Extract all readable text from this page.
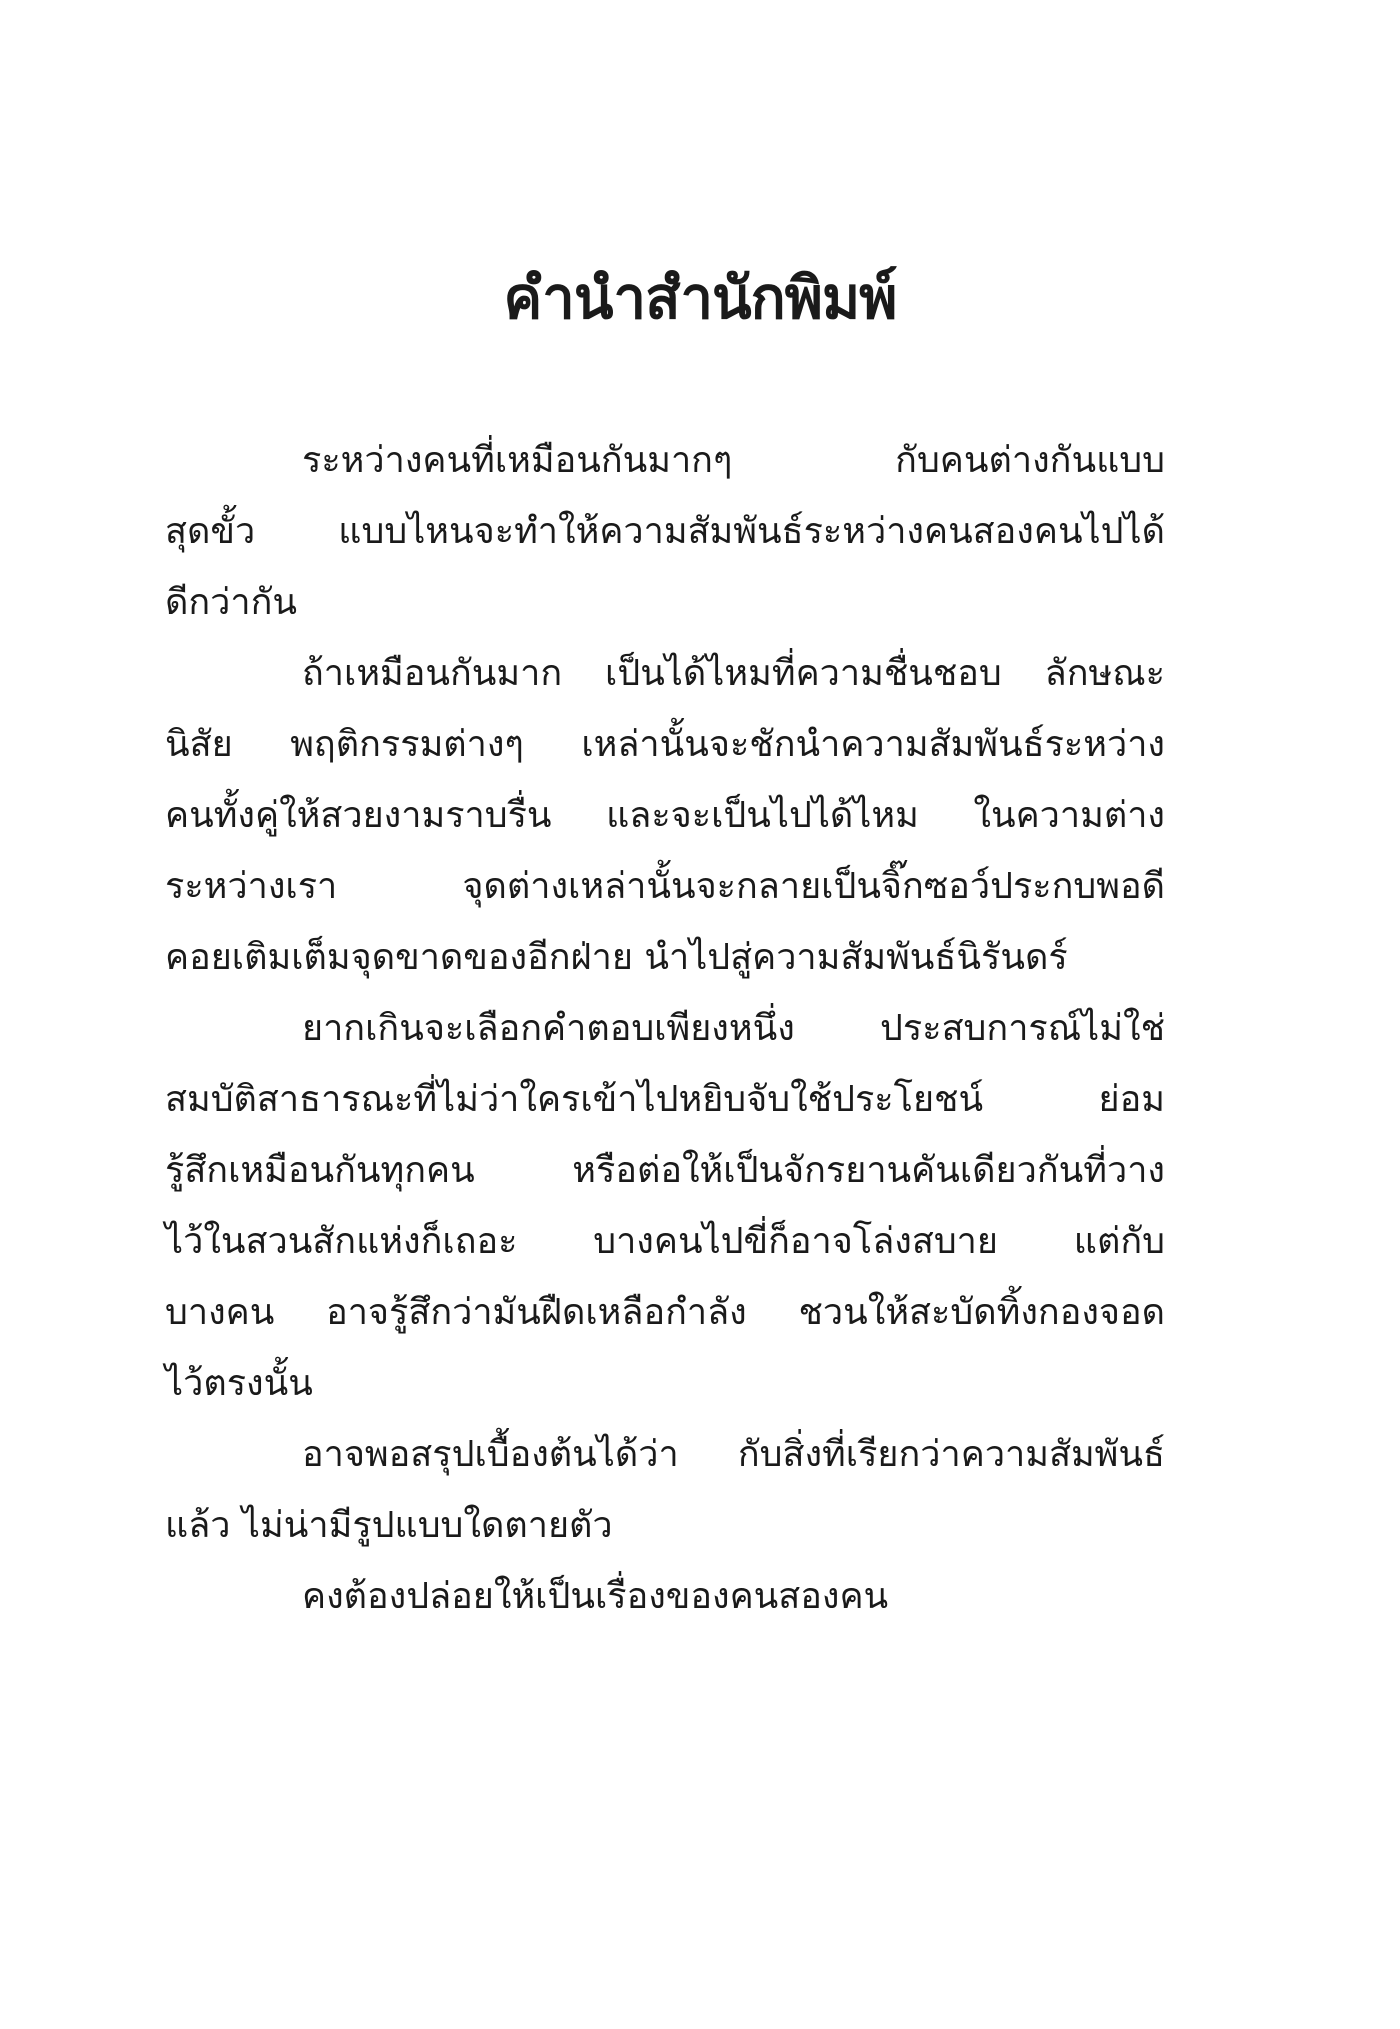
คำนำสำนักพิมพ์
ระหว่างคนที่เหมือนกันมากๆ กับคนต่างกันแบบ
สุดขั้ว แบบไหนจะทำให้ความสัมพันธ์ระหว่างคนสองคนไปได้
ดีกว่ากัน
ถ้าเหมือนกันมาก เป็นได้ไหมที่ความชื่นชอบ ลักษณะ
นิสัย พฤติกรรมต่างๆ เหล่านั้นจะชักนำความสัมพันธ์ระหว่าง
คนทั้งคู่ให้สวยงามราบรื่น และจะเป็นไปได้ไหม ในความต่าง
ระหว่างเรา จุดต่างเหล่านั้นจะกลายเป็นจิ๊กซอว์ประกบพอดี
คอยเติมเต็มจุดขาดของอีกฝ่าย นำไปสู่ความสัมพันธ์นิรันดร์
ยากเกินจะเลือกคำตอบเพียงหนึ่ง ประสบการณ์ไม่ใช่
สมบัติสาธารณะที่ไม่ว่าใครเข้าไปหยิบจับใช้ประโยชน์ ย่อม
รู้สึกเหมือนกันทุกคน หรือต่อให้เป็นจักรยานคันเดียวกันที่วาง
ไว้ในสวนสักแห่งก็เถอะ บางคนไปขี่ก็อาจโล่งสบาย แต่กับ
บางคน อาจรู้สึกว่ามันฝืดเหลือกำลัง ชวนให้สะบัดทิ้งกองจอด
ไว้ตรงนั้น
อาจพอสรุปเบื้องต้นได้ว่า กับสิ่งที่เรียกว่าความสัมพันธ์
แล้ว ไม่น่ามีรูปแบบใดตายตัว
คงต้องปล่อยให้เป็นเรื่องของคนสองคน
